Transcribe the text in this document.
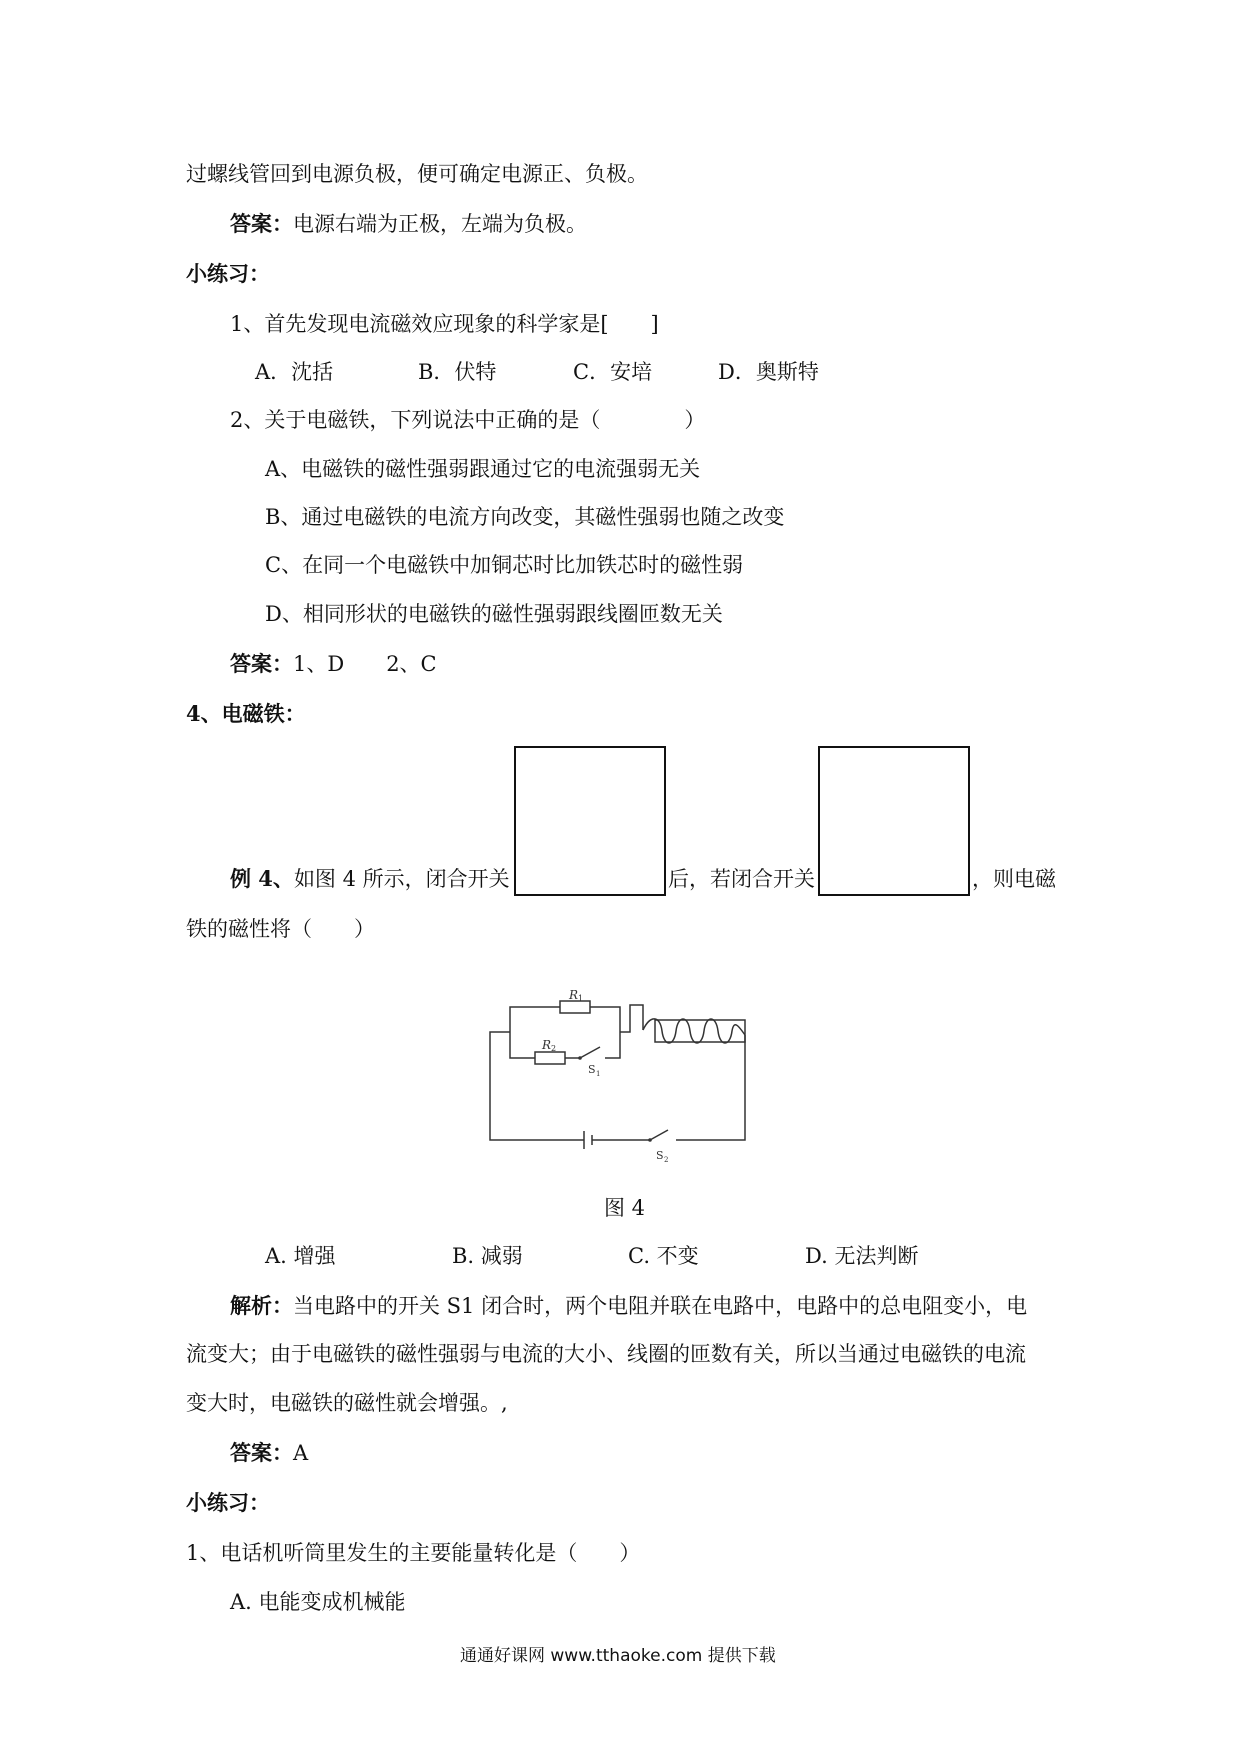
过螺线管回到电源负极，便可确定电源正、负极。
答案：电源右端为正极，左端为负极。
小练习：
1、首先发现电流磁效应现象的科学家是[　　]
A．沈括	B．伏特	C．安培	D．奥斯特
2、关于电磁铁，下列说法中正确的是（　　　　）
A、电磁铁的磁性强弱跟通过它的电流强弱无关
B、通过电磁铁的电流方向改变，其磁性强弱也随之改变
C、在同一个电磁铁中加铜芯时比加铁芯时的磁性弱
D、相同形状的电磁铁的磁性强弱跟线圈匝数无关
答案：1、D　　2、C
4、电磁铁：
例 4、如图 4 所示，闭合开关	后，若闭合开关	，则电磁
铁的磁性将（　　）
R 1
R 2
S 1
S 2
图 4
A. 增强	B. 减弱	C. 不变	D. 无法判断
解析：当电路中的开关 S1 闭合时，两个电阻并联在电路中，电路中的总电阻变小，电
流变大；由于电磁铁的磁性强弱与电流的大小、线圈的匝数有关，所以当通过电磁铁的电流
变大时，电磁铁的磁性就会增强。,
答案：A
小练习：
1、电话机听筒里发生的主要能量转化是（　　）
A. 电能变成机械能
通通好课网 www.tthaoke.com 提供下载
